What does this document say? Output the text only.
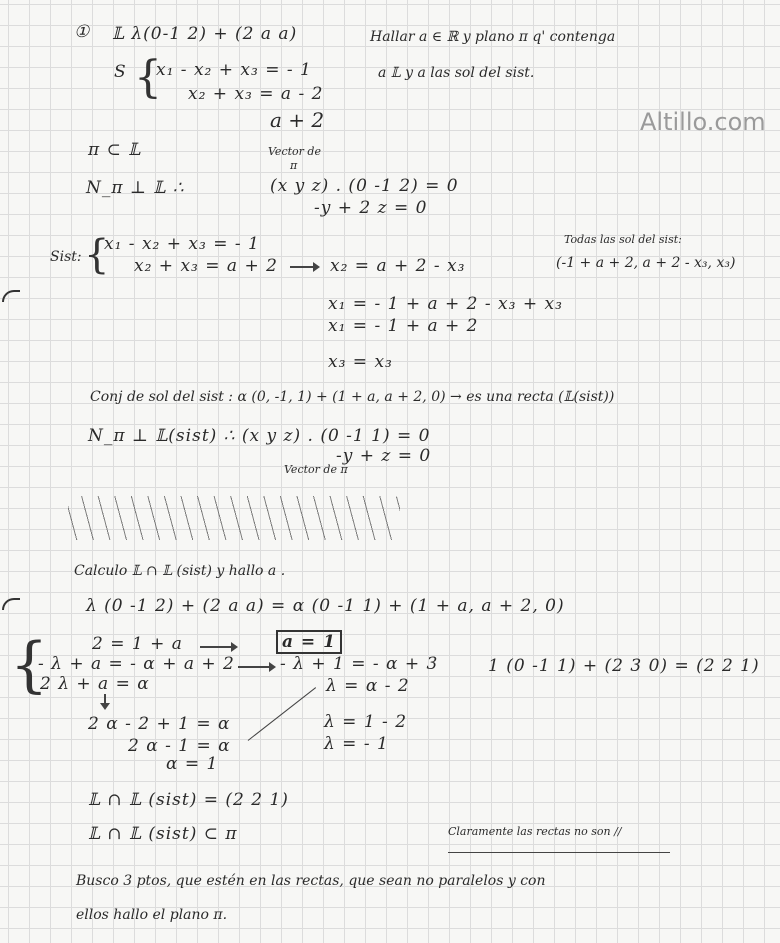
Altillo.com
① 𝕃 λ(0-1 2) + (2 a a)	Hallar a ∈ ℝ y plano π q' contenga
a 𝕃 y a las sol del sist.
S {
x₁ - x₂ + x₃ = - 1
x₂ + x₃ = a - 2
a + 2
π ⊂ 𝕃	Vector de
π
N_π ⊥ 𝕃 ∴	(x y z) . (0 -1 2) = 0
-y + 2 z = 0
Sist: {
x₁ - x₂ + x₃ = - 1
x₂ + x₃ = a + 2	x₂ = a + 2 - x₃
Todas las sol del sist:
(-1 + a + 2, a + 2 - x₃, x₃)
x₁ = - 1 + a + 2 - x₃ + x₃
x₁ = - 1 + a + 2
x₃ = x₃
Conj de sol del sist : α (0, -1, 1) + (1 + a, a + 2, 0) → es una recta (𝕃(sist))
N_π ⊥ 𝕃(sist) ∴ (x y z) . (0 -1 1) = 0
-y + z = 0
Vector de π
Calculo 𝕃 ∩ 𝕃 (sist) y hallo a .
λ (0 -1 2) + (2 a a) = α (0 -1 1) + (1 + a, a + 2, 0)
{	2 = 1 + a
- λ + a = - α + a + 2
2 λ + a = α
a = 1
- λ + 1 = - α + 3
λ = α - 2
1 (0 -1 1) + (2 3 0) = (2 2 1)
2 α - 2 + 1 = α
2 α - 1 = α
α = 1
λ = 1 - 2
λ = - 1
𝕃 ∩ 𝕃 (sist) = (2 2 1)
𝕃 ∩ 𝕃 (sist) ⊂ π	Claramente las rectas no son //
Busco 3 ptos, que estén en las rectas, que sean no paralelos y con
ellos hallo el plano π.
